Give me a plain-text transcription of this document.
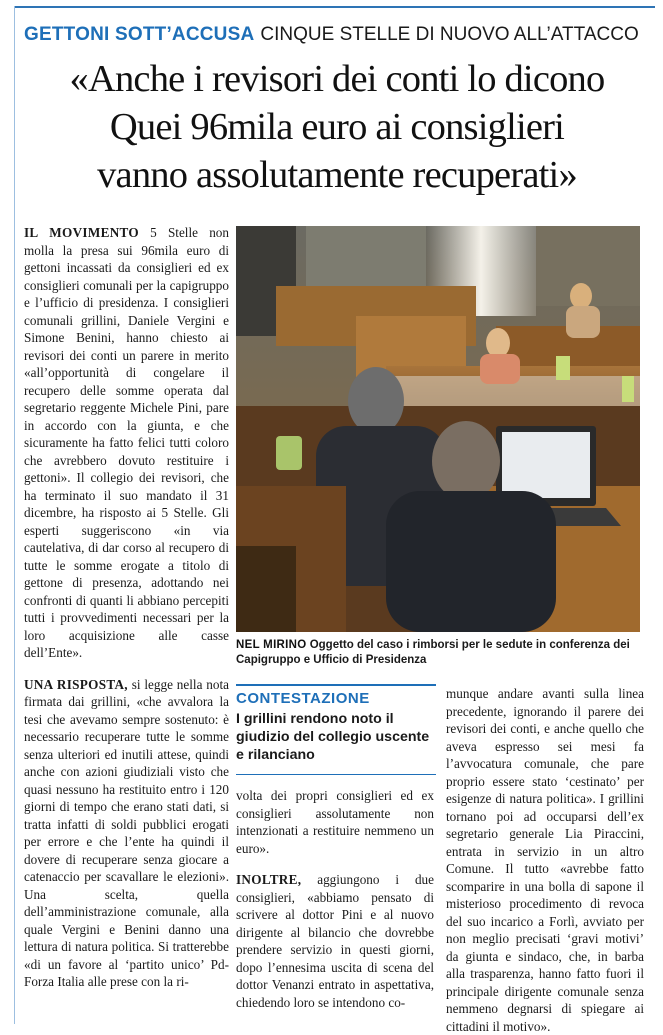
GETTONI SOTT’ACCUSA CINQUE STELLE DI NUOVO ALL’ATTACCO
«Anche i revisori dei conti lo dicono
Quei 96mila euro ai consiglieri
vanno assolutamente recuperati»

IL MOVIMENTO 5 Stelle non molla la presa sui 96mila euro di gettoni incassati da consiglieri ed ex consiglieri comunali per la capigruppo e l’ufficio di presidenza. I consiglieri comunali grillini, Daniele Vergini e Simone Benini, hanno chiesto ai revisori dei conti un parere in merito «all’opportunità di congelare il recupero delle somme operata dal segretario reggente Michele Pini, pare in accordo con la giunta, e che sicuramente ha fatto felici tutti coloro che avrebbero dovuto restituire i gettoni». Il collegio dei revisori, che ha terminato il suo mandato il 31 dicembre, ha risposto ai 5 Stelle. Gli esperti suggeriscono «in via cautelativa, di dar corso al recupero di tutte le somme erogate a titolo di gettone di presenza, adottando nei confronti di quanti li abbiano percepiti tutti i provvedimenti necessari per la loro acquisizione alle casse dell’Ente».

UNA RISPOSTA, si legge nella nota firmata dai grillini, «che avvalora la tesi che avevamo sempre sostenuto: è necessario recuperare tutte le somme senza ulteriori ed inutili attese, quindi anche con azioni giudiziali visto che quasi nessuno ha restituito entro i 120 giorni di tempo che erano stati dati, si tratta infatti di soldi pubblici erogati per errore e che l’ente ha quindi il dovere di recuperare senza giocare a catenaccio per scavallare le elezioni». Una scelta, quella dell’amministrazione comunale, alla quale Vergini e Benini danno una lettura di natura politica. Si tratterebbe «di un favore al ‘partito unico’ Pd-Forza Italia alle prese con la ri-

NEL MIRINO Oggetto del caso i rimborsi per le sedute in conferenza dei Capigruppo e Ufficio di Presidenza
CONTESTAZIONE
I grillini rendono noto il giudizio del collegio uscente e rilanciano

volta dei propri consiglieri ed ex consiglieri assolutamente non intenzionati a restituire nemmeno un euro».

INOLTRE, aggiungono i due consiglieri, «abbiamo pensato di scrivere al dottor Pini e al nuovo dirigente al bilancio che dovrebbe prendere servizio in questi giorni, dopo l’ennesima uscita di scena del dottor Venanzi entrato in aspettativa, chiedendo loro se intendono co-

munque andare avanti sulla linea precedente, ignorando il parere dei revisori dei conti, e anche quello che aveva espresso sei mesi fa l’avvocatura comunale, che pare proprio essere stato ‘cestinato’ per esigenze di natura politica». I grillini tornano poi ad occuparsi dell’ex segretario generale Lia Piraccini, entrata in servizio in un altro Comune. Il tutto «avrebbe fatto scomparire in una bolla di sapone il misterioso procedimento di revoca del suo incarico a Forlì, avviato per non meglio precisati ‘gravi motivi’ da giunta e sindaco, che, in barba alla trasparenza, hanno fatto fuori il principale dirigente comunale senza nemmeno degnarsi di spiegare ai cittadini il motivo».
